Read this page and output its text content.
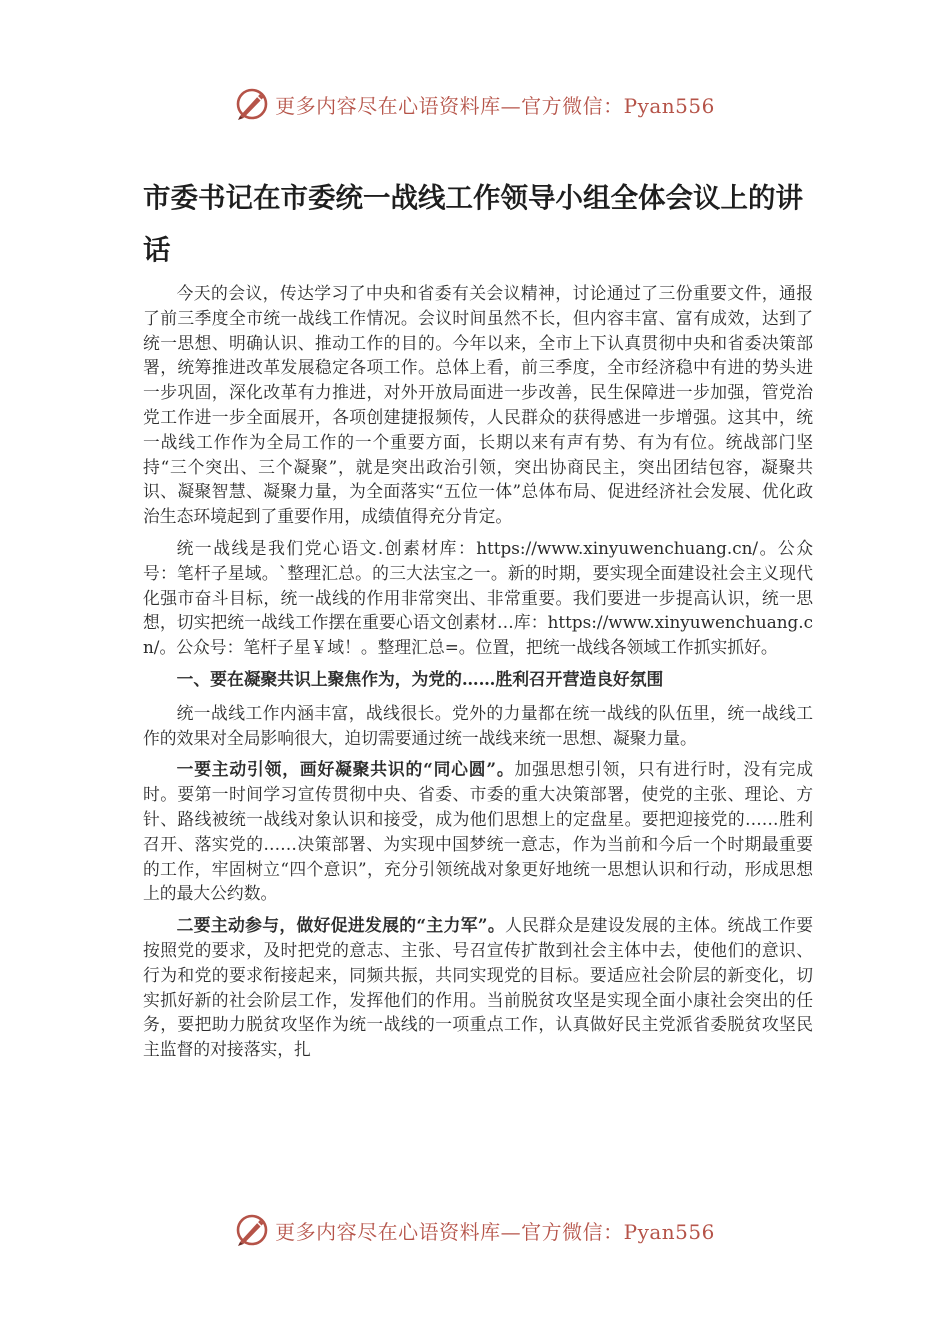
更多内容尽在心语资料库—官方微信：Pyan556
市委书记在市委统一战线工作领导小组全体会议上的讲话

今天的会议，传达学习了中央和省委有关会议精神，讨论通过了三份重要文件，通报了前三季度全市统一战线工作情况。会议时间虽然不长，但内容丰富、富有成效，达到了统一思想、明确认识、推动工作的目的。今年以来，全市上下认真贯彻中央和省委决策部署，统筹推进改革发展稳定各项工作。总体上看，前三季度，全市经济稳中有进的势头进一步巩固，深化改革有力推进，对外开放局面进一步改善，民生保障进一步加强，管党治党工作进一步全面展开，各项创建捷报频传，人民群众的获得感进一步增强。这其中，统一战线工作作为全局工作的一个重要方面，长期以来有声有势、有为有位。统战部门坚持“三个突出、三个凝聚”，就是突出政治引领，突出协商民主，突出团结包容，凝聚共识、凝聚智慧、凝聚力量，为全面落实“五位一体”总体布局、促进经济社会发展、优化政治生态环境起到了重要作用，成绩值得充分肯定。

统一战线是我们党心语文.创素材库：https://www.xinyuwenchuang.cn/。公众号：笔杆子星域。`整理汇总。的三大法宝之一。新的时期，要实现全面建设社会主义现代化强市奋斗目标，统一战线的作用非常突出、非常重要。我们要进一步提高认识，统一思想，切实把统一战线工作摆在重要心语文创素材…库：https://www.xinyuwenchuang.cn/。公众号：笔杆子星￥域！。整理汇总=。位置，把统一战线各领域工作抓实抓好。

一、要在凝聚共识上聚焦作为，为党的……胜利召开营造良好氛围

统一战线工作内涵丰富，战线很长。党外的力量都在统一战线的队伍里，统一战线工作的效果对全局影响很大，迫切需要通过统一战线来统一思想、凝聚力量。

一要主动引领，画好凝聚共识的“同心圆”。加强思想引领，只有进行时，没有完成时。要第一时间学习宣传贯彻中央、省委、市委的重大决策部署，使党的主张、理论、方针、路线被统一战线对象认识和接受，成为他们思想上的定盘星。要把迎接党的……胜利召开、落实党的……决策部署、为实现中国梦统一意志，作为当前和今后一个时期最重要的工作，牢固树立“四个意识”，充分引领统战对象更好地统一思想认识和行动，形成思想上的最大公约数。

二要主动参与，做好促进发展的“主力军”。人民群众是建设发展的主体。统战工作要按照党的要求，及时把党的意志、主张、号召宣传扩散到社会主体中去，使他们的意识、行为和党的要求衔接起来，同频共振，共同实现党的目标。要适应社会阶层的新变化，切实抓好新的社会阶层工作，发挥他们的作用。当前脱贫攻坚是实现全面小康社会突出的任务，要把助力脱贫攻坚作为统一战线的一项重点工作，认真做好民主党派省委脱贫攻坚民主监督的对接落实，扎

更多内容尽在心语资料库—官方微信：Pyan556
